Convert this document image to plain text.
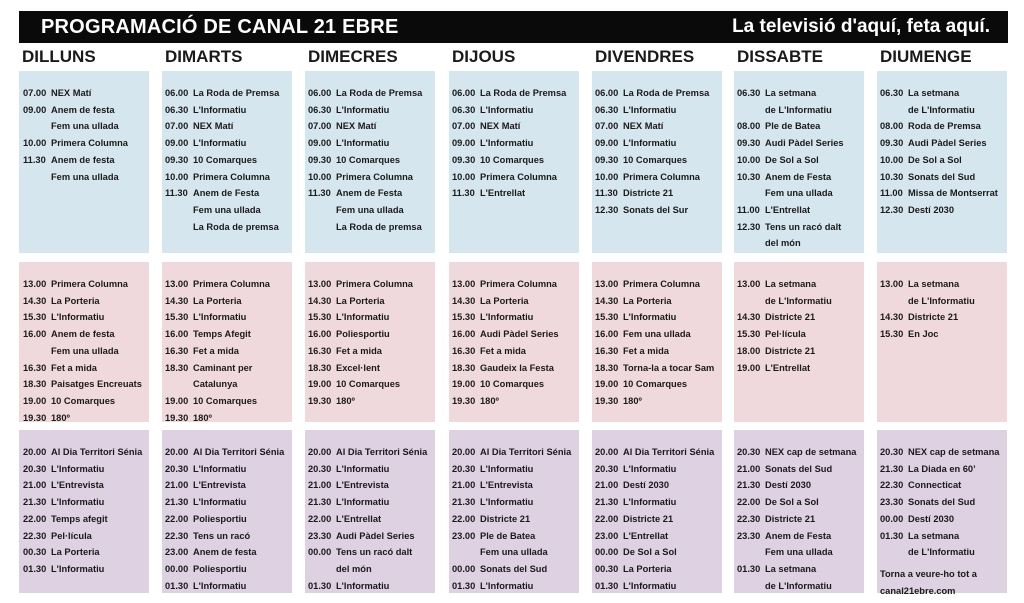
PROGRAMACIÓ DE CANAL 21 EBRE	La televisió d'aquí, feta aquí.
DILLUNS
07.00 NEX Matí
09.00 Anem de festa
Fem una ullada
10.00 Primera Columna
11.30 Anem de festa
Fem una ullada
13.00 Primera Columna
14.30 La Porteria
15.30 L'Informatiu
16.00 Anem de festa
Fem una ullada
16.30 Fet a mida
18.30 Paisatges Encreuats
19.00 10 Comarques
19.30 180º
20.00 Al Dia Territori Sénia
20.30 L'Informatiu
21.00 L'Entrevista
21.30 L'Informatiu
22.00 Temps afegit
22.30 Pel·lícula
00.30 La Porteria
01.30 L'Informatiu
DIMARTS
06.00 La Roda de Premsa
06.30 L'Informatiu
07.00 NEX Matí
09.00 L'Informatiu
09.30 10 Comarques
10.00 Primera Columna
11.30 Anem de Festa
Fem una ullada
La Roda de premsa
13.00 Primera Columna
14.30 La Porteria
15.30 L'Informatiu
16.00 Temps Afegit
16.30 Fet a mida
18.30 Caminant per
Catalunya
19.00 10 Comarques
19.30 180º
20.00 Al Dia Territori Sénia
20.30 L'Informatiu
21.00 L'Entrevista
21.30 L'Informatiu
22.00 Poliesportiu
22.30 Tens un racó
23.00 Anem de festa
00.00 Poliesportiu
01.30 L'Informatiu
DIMECRES
06.00 La Roda de Premsa
06.30 L'Informatiu
07.00 NEX Matí
09.00 L'Informatiu
09.30 10 Comarques
10.00 Primera Columna
11.30 Anem de Festa
Fem una ullada
La Roda de premsa
13.00 Primera Columna
14.30 La Porteria
15.30 L'Informatiu
16.00 Poliesportiu
16.30 Fet a mida
18.30 Excel·lent
19.00 10 Comarques
19.30 180º
20.00 Al Dia Territori Sénia
20.30 L'Informatiu
21.00 L'Entrevista
21.30 L'Informatiu
22.00 L'Entrellat
23.30 Audi Pàdel Series
00.00 Tens un racó dalt
del món
01.30 L'Informatiu
DIJOUS
06.00 La Roda de Premsa
06.30 L'Informatiu
07.00 NEX Matí
09.00 L'Informatiu
09.30 10 Comarques
10.00 Primera Columna
11.30 L'Entrellat
13.00 Primera Columna
14.30 La Porteria
15.30 L'Informatiu
16.00 Audi Pàdel Series
16.30 Fet a mida
18.30 Gaudeix la Festa
19.00 10 Comarques
19.30 180º
20.00 Al Dia Territori Sénia
20.30 L'Informatiu
21.00 L'Entrevista
21.30 L'Informatiu
22.00 Districte 21
23.00 Ple de Batea
Fem una ullada
00.00 Sonats del Sud
01.30 L'Informatiu
DIVENDRES
06.00 La Roda de Premsa
06.30 L'Informatiu
07.00 NEX Matí
09.00 L'Informatiu
09.30 10 Comarques
10.00 Primera Columna
11.30 Districte 21
12.30 Sonats del Sur
13.00 Primera Columna
14.30 La Porteria
15.30 L'Informatiu
16.00 Fem una ullada
16.30 Fet a mida
18.30 Torna-la a tocar Sam
19.00 10 Comarques
19.30 180º
20.00 Al Dia Territori Sénia
20.30 L'Informatiu
21.00 Destí 2030
21.30 L'Informatiu
22.00 Districte 21
23.00 L'Entrellat
00.00 De Sol a Sol
00.30 La Porteria
01.30 L'Informatiu
DISSABTE
06.30 La setmana
de L'Informatiu
08.00 Ple de Batea
09.30 Audi Pàdel Series
10.00 De Sol a Sol
10.30 Anem de Festa
Fem una ullada
11.00 L'Entrellat
12.30 Tens un racó dalt
del món
13.00 La setmana
de L'Informatiu
14.30 Districte 21
15.30 Pel·lícula
18.00 Districte 21
19.00 L'Entrellat
20.30 NEX cap de setmana
21.00 Sonats del Sud
21.30 Destí 2030
22.00 De Sol a Sol
22.30 Districte 21
23.30 Anem de Festa
Fem una ullada
01.30 La setmana
de L'Informatiu
DIUMENGE
06.30 La setmana
de L'Informatiu
08.00 Roda de Premsa
09.30 Audi Pàdel Series
10.00 De Sol a Sol
10.30 Sonats del Sud
11.00 Missa de Montserrat
12.30 Destí 2030
13.00 La setmana
de L'Informatiu
14.30 Districte 21
15.30 En Joc
20.30 NEX cap de setmana
21.30 La Diada en 60’
22.30 Connecticat
23.30 Sonats del Sud
00.00 Destí 2030
01.30 La setmana
de L'Informatiu
Torna a veure-ho tot a
canal21ebre.com
